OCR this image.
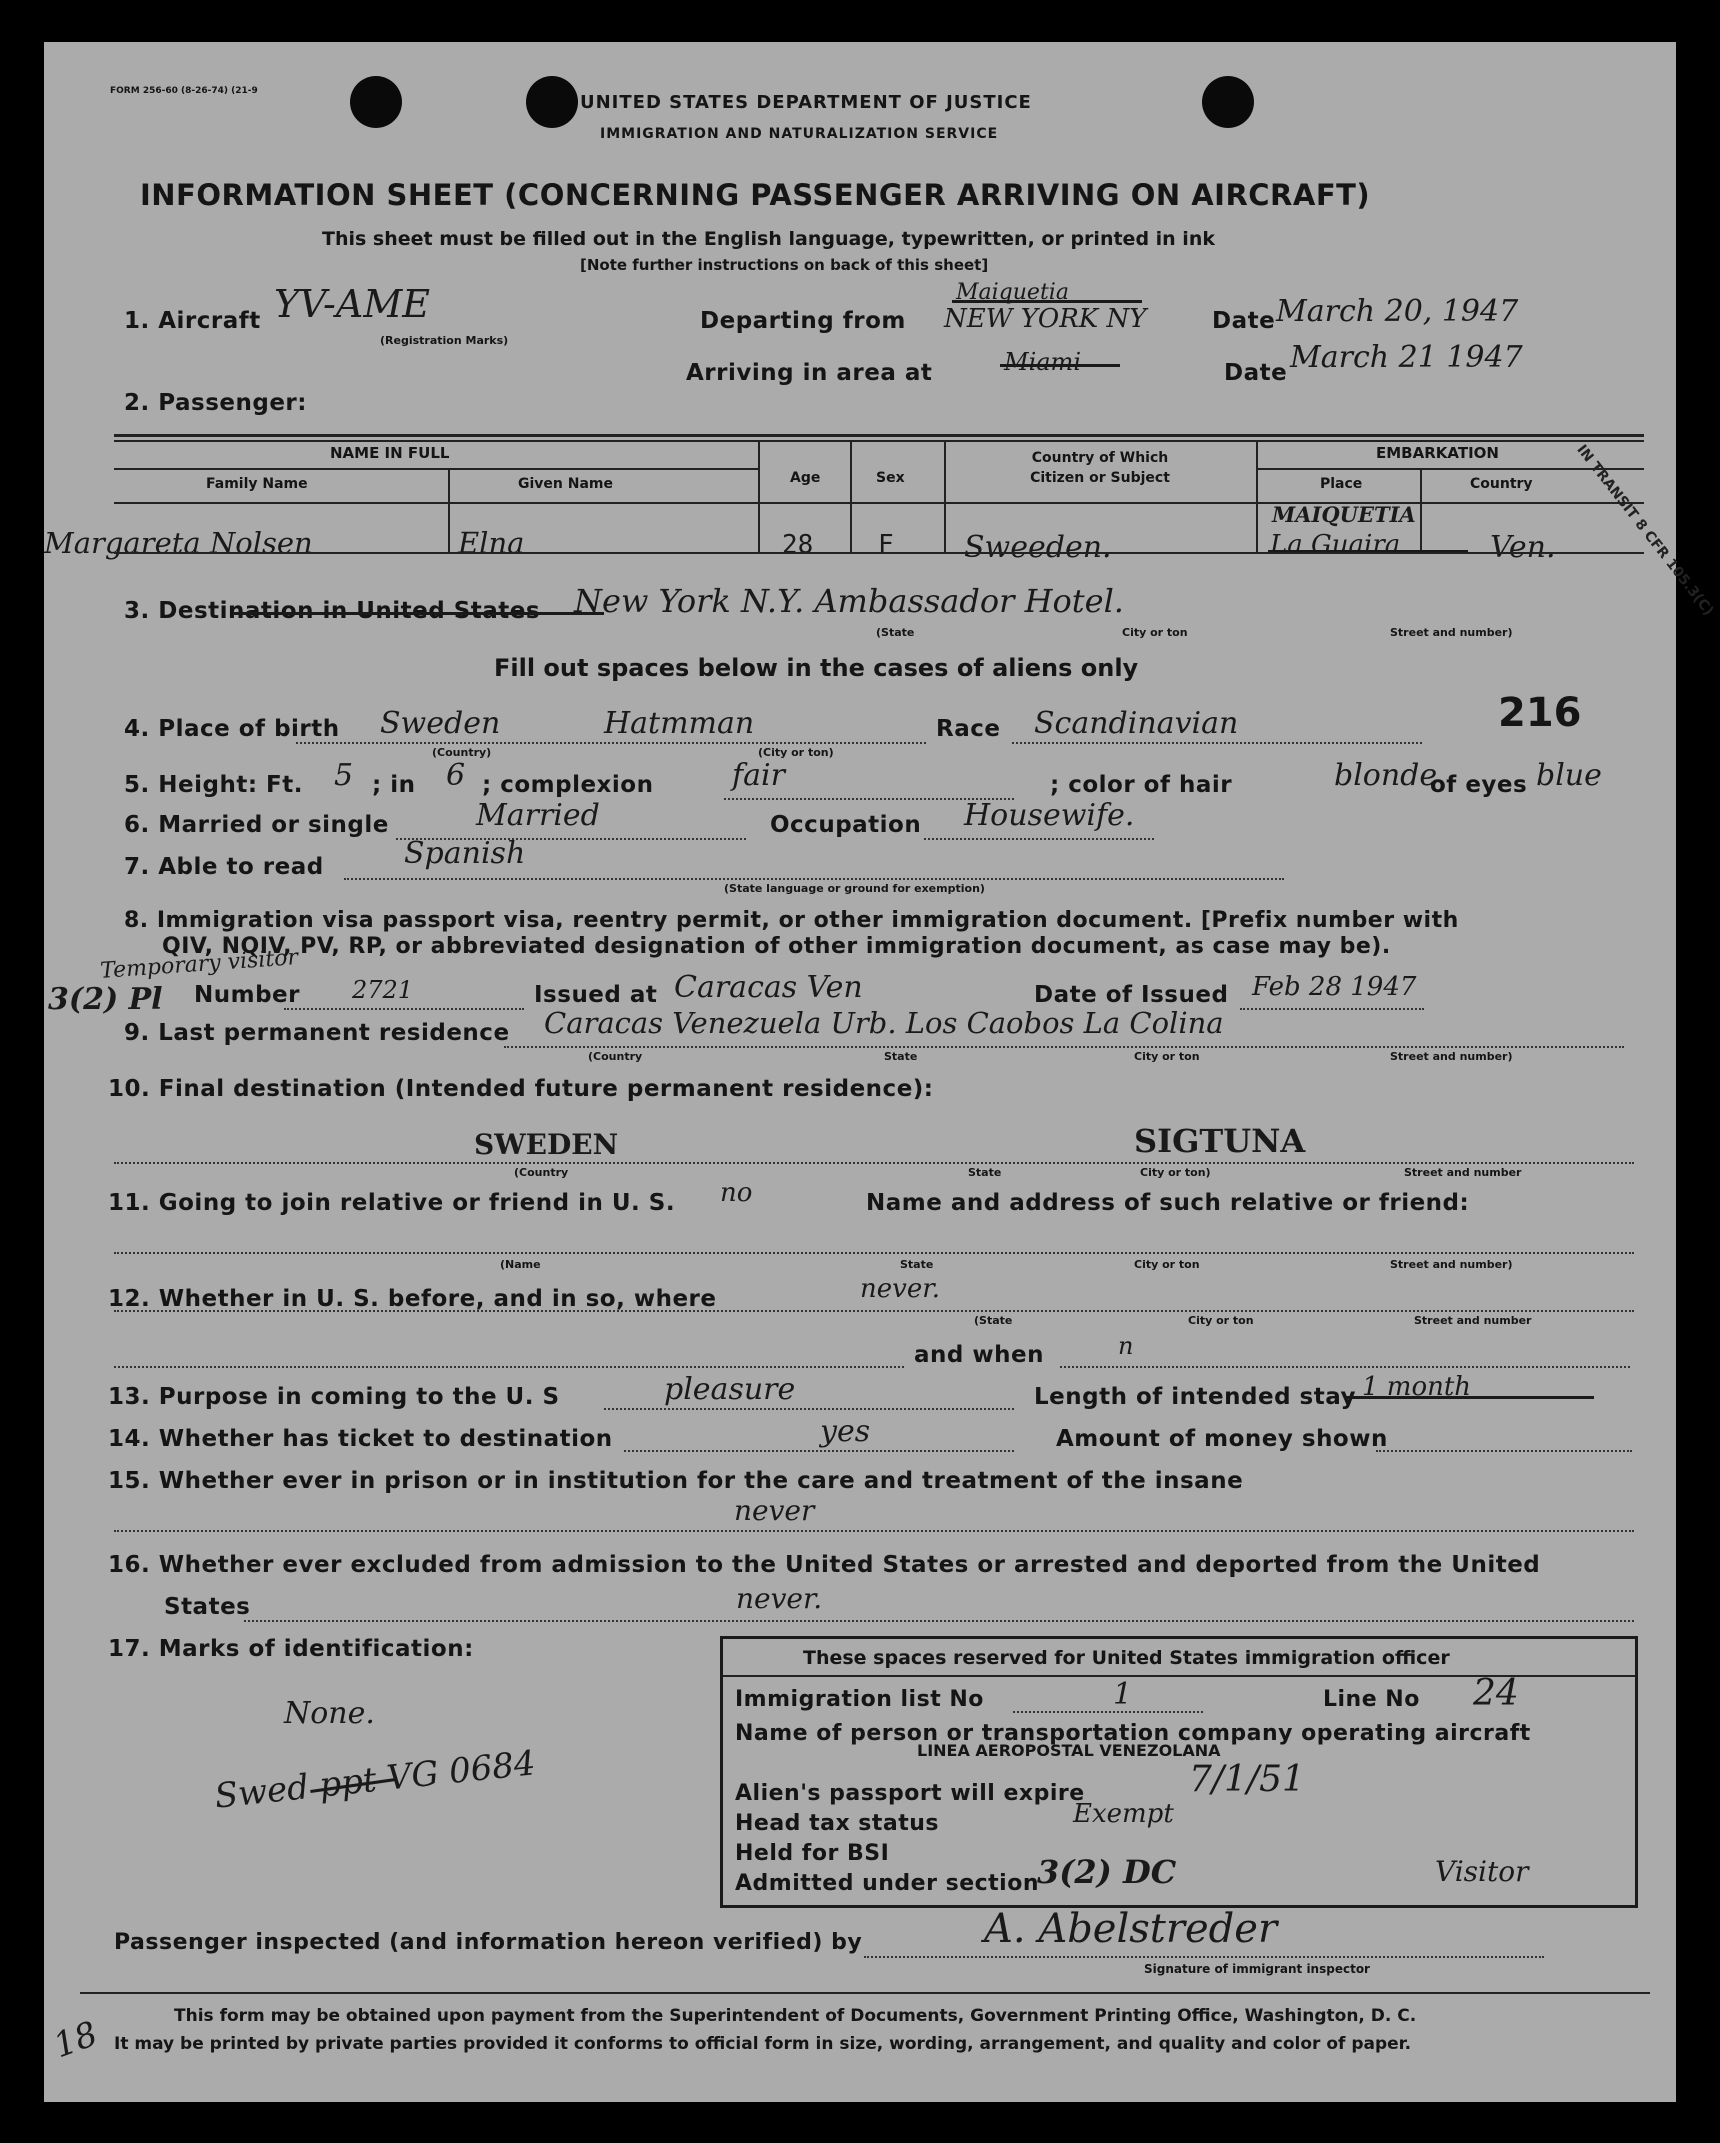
FORM 256-60 (8-26-74) (21-9
UNITED STATES DEPARTMENT OF JUSTICE
IMMIGRATION AND NATURALIZATION SERVICE
INFORMATION SHEET (CONCERNING PASSENGER ARRIVING ON AIRCRAFT)
This sheet must be filled out in the English language, typewritten, or printed in ink
[Note further instructions on back of this sheet]
1. Aircraft YV-AME
(Registration Marks)
Departing from
Maiquetia
NEW YORK NY	Date March 20, 1947
Arriving in area at	Miami	Date March 21 1947
2. Passenger:
NAME IN FULL
Family Name	Given Name	Age	Sex
Country of Which Citizen or Subject
EMBARKATION
Place	Country
Margareta Nolsen	Elna	28 F Sweeden.
MAIQUETIA
La Guaira	Ven. IN TRANSIT 8 CFR 105.3(C)
3. Destination in United States New York N.Y. Ambassador Hotel.
(State	City or ton	Street and number)
Fill out spaces below in the cases of aliens only
4. Place of birth Sweden	Hatmman
(Country)	(City or ton)
Race Scandinavian	216
5. Height: Ft. 5 ; in 6 ; complexion	fair	; color of hair	blonde
of eyes blue
6. Married or single	Married	Occupation Housewife.
7. Able to read	Spanish
(State language or ground for exemption)
8. Immigration visa passport visa, reentry permit, or other immigration document. [Prefix number with
QIV, NQIV, PV, RP, or abbreviated designation of other immigration document, as case may be).
Temporary visitor
3(2) Pl Number 2721	Issued at Caracas Ven	Date of Issued Feb 28 1947
9. Last permanent residence Caracas Venezuela Urb. Los Caobos La Colina
(Country	State	City or ton	Street and number)
10. Final destination (Intended future permanent residence):
SWEDEN	SIGTUNA
(Country	State	City or ton)	Street and number
11. Going to join relative or friend in U. S. no	Name and address of such relative or friend:
(Name	State	City or ton	Street and number)
12. Whether in U. S. before, and in so, where	never.
(State	City or ton	Street and number
and when	n
13. Purpose in coming to the U. S	pleasure	Length of intended stay 1 month
14. Whether has ticket to destination	yes	Amount of money shown
15. Whether ever in prison or in institution for the care and treatment of the insane
never
16. Whether ever excluded from admission to the United States or arrested and deported from the United
States	never.
17. Marks of identification:
None.
Swed ppt VG 0684
These spaces reserved for United States immigration officer
Immigration list No	1	Line No 24
Name of person or transportation company operating aircraft
LINEA AEROPOSTAL VENEZOLANA
Alien's passport will expire	7/1/51
Head tax status	Exempt
Held for BSI
Admitted under section
3(2) DC	Visitor
Passenger inspected (and information hereon verified) by	A. Abelstreder
Signature of immigrant inspector
18	This form may be obtained upon payment from the Superintendent of Documents, Government Printing Office, Washington, D. C.
It may be printed by private parties provided it conforms to official form in size, wording, arrangement, and quality and color of paper.
